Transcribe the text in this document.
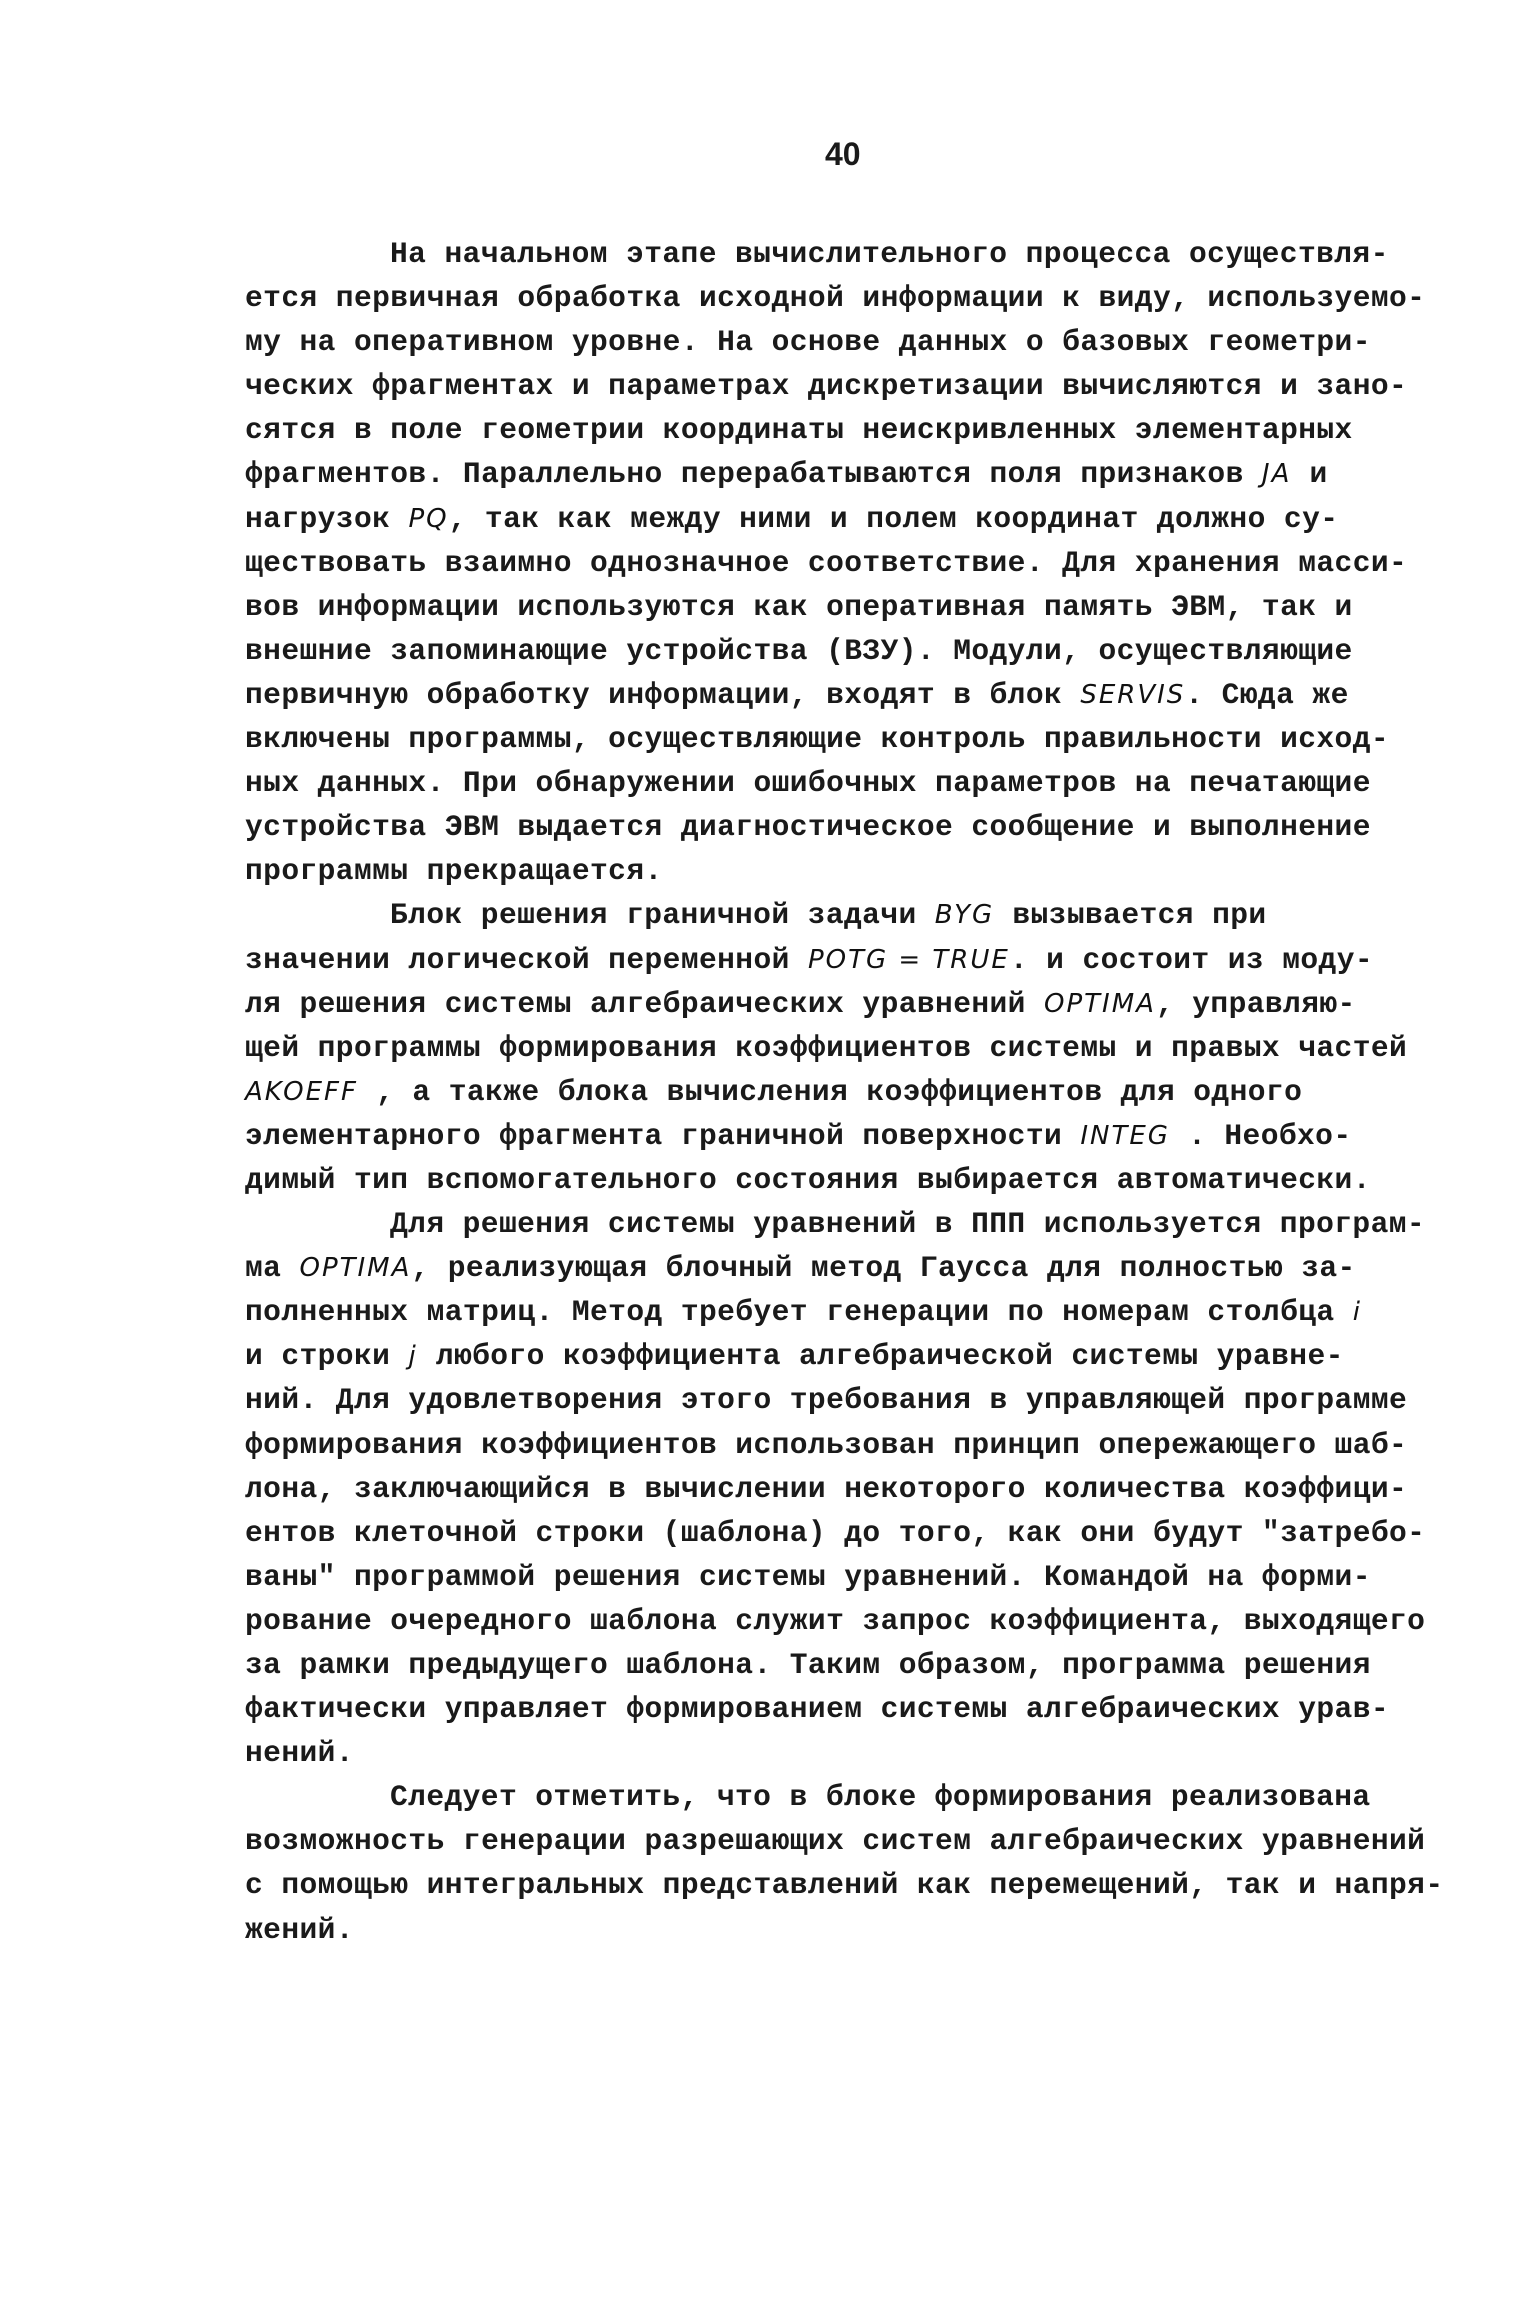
40
На начальном этапе вычислительного процесса осуществля-
ется первичная обработка исходной информации к виду, используемо-
му на оперативном уровне. На основе данных о базовых геометри-
ческих фрагментах и параметрах дискретизации вычисляются и зано-
сятся в поле геометрии координаты неискривленных элементарных
фрагментов. Параллельно перерабатываются поля признаков JA и
нагрузок PQ, так как между ними и полем координат должно су-
ществовать взаимно однозначное соответствие. Для хранения масси-
вов информации используются как оперативная память ЭВМ, так и
внешние запоминающие устройства (ВЗУ). Модули, осуществляющие
первичную обработку информации, входят в блок SERVIS. Сюда же
включены программы, осуществляющие контроль правильности исход-
ных данных. При обнаружении ошибочных параметров на печатающие
устройства ЭВМ выдается диагностическое сообщение и выполнение
программы прекращается.
Блок решения граничной задачи BYG вызывается при
значении логической переменной POTG = TRUE. и состоит из моду-
ля решения системы алгебраических уравнений OPTIMA, управляю-
щей программы формирования коэффициентов системы и правых частей
AKOEFF , а также блока вычисления коэффициентов для одного
элементарного фрагмента граничной поверхности INTEG . Необхо-
димый тип вспомогательного состояния выбирается автоматически.
Для решения системы уравнений в ППП используется програм-
ма OPTIMA, реализующая блочный метод Гаусса для полностью за-
полненных матриц. Метод требует генерации по номерам столбца i
и строки j любого коэффициента алгебраической системы уравне-
ний. Для удовлетворения этого требования в управляющей программе
формирования коэффициентов использован принцип опережающего шаб-
лона, заключающийся в вычислении некоторого количества коэффици-
ентов клеточной строки (шаблона) до того, как они будут "затребо-
ваны" программой решения системы уравнений. Командой на форми-
рование очередного шаблона служит запрос коэффициента, выходящего
за рамки предыдущего шаблона. Таким образом, программа решения
фактически управляет формированием системы алгебраических урав-
нений.
Следует отметить, что в блоке формирования реализована
возможность генерации разрешающих систем алгебраических уравнений
с помощью интегральных представлений как перемещений, так и напря-
жений.
